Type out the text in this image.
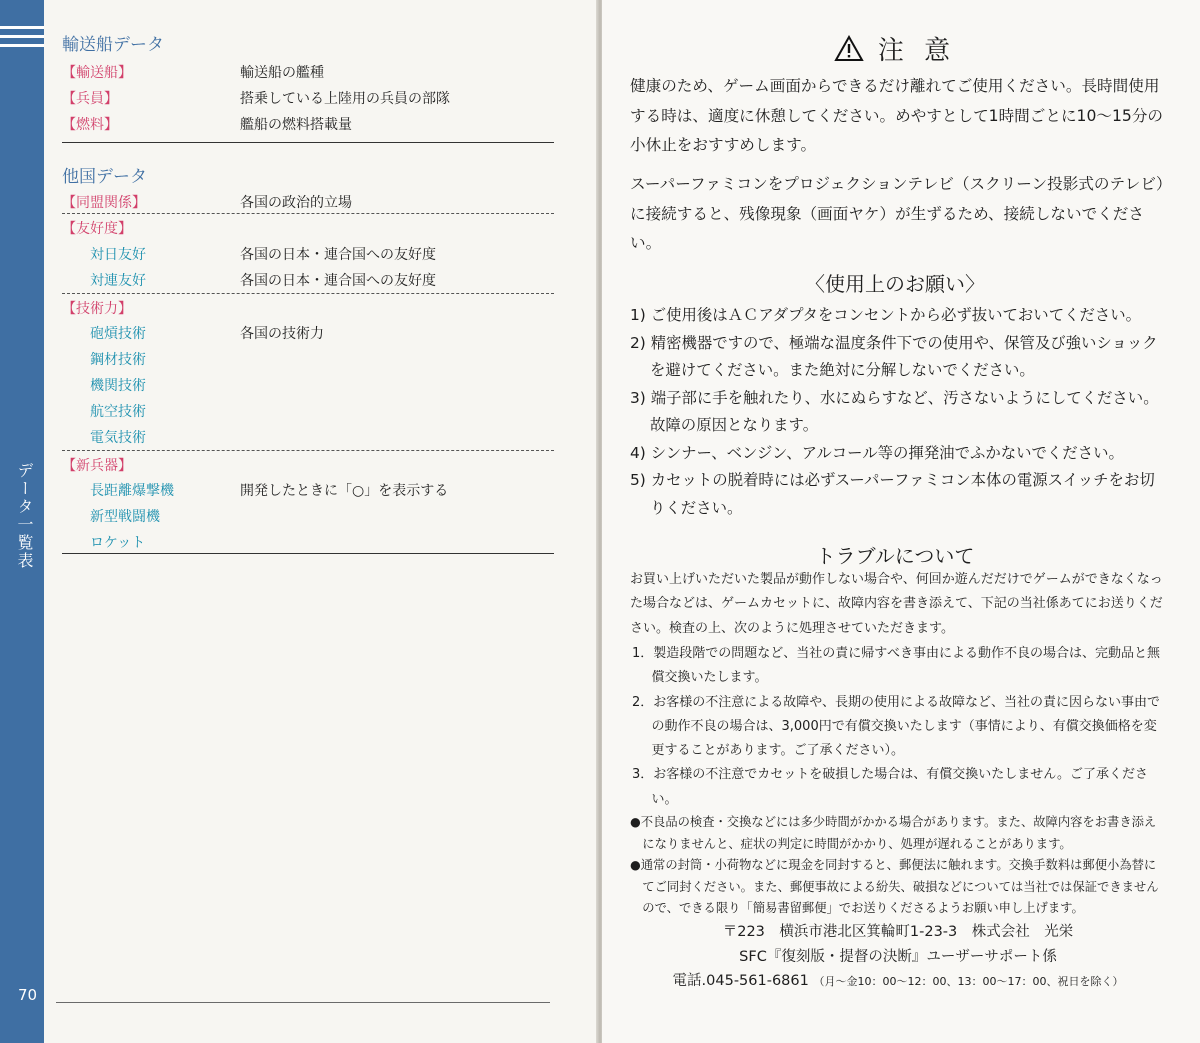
データ一覧表
70
輸送船データ
【輸送船】	輸送船の艦種
【兵員】	搭乗している上陸用の兵員の部隊
【燃料】	艦船の燃料搭載量
他国データ
【同盟関係】	各国の政治的立場
【友好度】
対日友好	各国の日本・連合国への友好度
対連友好	各国の日本・連合国への友好度
【技術力】
砲熕技術	各国の技術力
鋼材技術
機関技術
航空技術
電気技術
【新兵器】
長距離爆撃機	開発したときに「○」を表示する
新型戦闘機
ロケット
注 意
健康のため、ゲーム画面からできるだけ離れてご使用ください。長時間使用する時は、適度に休憩してください。めやすとして1時間ごとに10～15分の小休止をおすすめします。
スーパーファミコンをプロジェクションテレビ（スクリーン投影式のテレビ）に接続すると、残像現象（画面ヤケ）が生ずるため、接続しないでください。
〈使用上のお願い〉
1) ご使用後はＡＣアダプタをコンセントから必ず抜いておいてください。
2) 精密機器ですので、極端な温度条件下での使用や、保管及び強いショックを避けてください。また絶対に分解しないでください。
3) 端子部に手を触れたり、水にぬらすなど、汚さないようにしてください。故障の原因となります。
4) シンナー、ベンジン、アルコール等の揮発油でふかないでください。
5) カセットの脱着時には必ずスーパーファミコン本体の電源スイッチをお切りください。
トラブルについて
お買い上げいただいた製品が動作しない場合や、何回か遊んだだけでゲームができなくなった場合などは、ゲームカセットに、故障内容を書き添えて、下記の当社係あてにお送りください。検査の上、次のように処理させていただきます。
1．製造段階での問題など、当社の責に帰すべき事由による動作不良の場合は、完動品と無償交換いたします。
2．お客様の不注意による故障や、長期の使用による故障など、当社の責に因らない事由での動作不良の場合は、3,000円で有償交換いたします（事情により、有償交換価格を変更することがあります。ご了承ください）。
3．お客様の不注意でカセットを破損した場合は、有償交換いたしません。ご了承ください。
●不良品の検査・交換などには多少時間がかかる場合があります。また、故障内容をお書き添えになりませんと、症状の判定に時間がかかり、処理が遅れることがあります。
●通常の封筒・小荷物などに現金を同封すると、郵便法に触れます。交換手数料は郵便小為替にてご同封ください。また、郵便事故による紛失、破損などについては当社では保証できませんので、できる限り「簡易書留郵便」でお送りくださるようお願い申し上げます。
〒223　横浜市港北区箕輪町1-23-3　株式会社　光栄
SFC『復刻版・提督の決断』ユーザーサポート係
電話.045-561-6861 （月～金10：00～12：00、13：00～17：00、祝日を除く）
